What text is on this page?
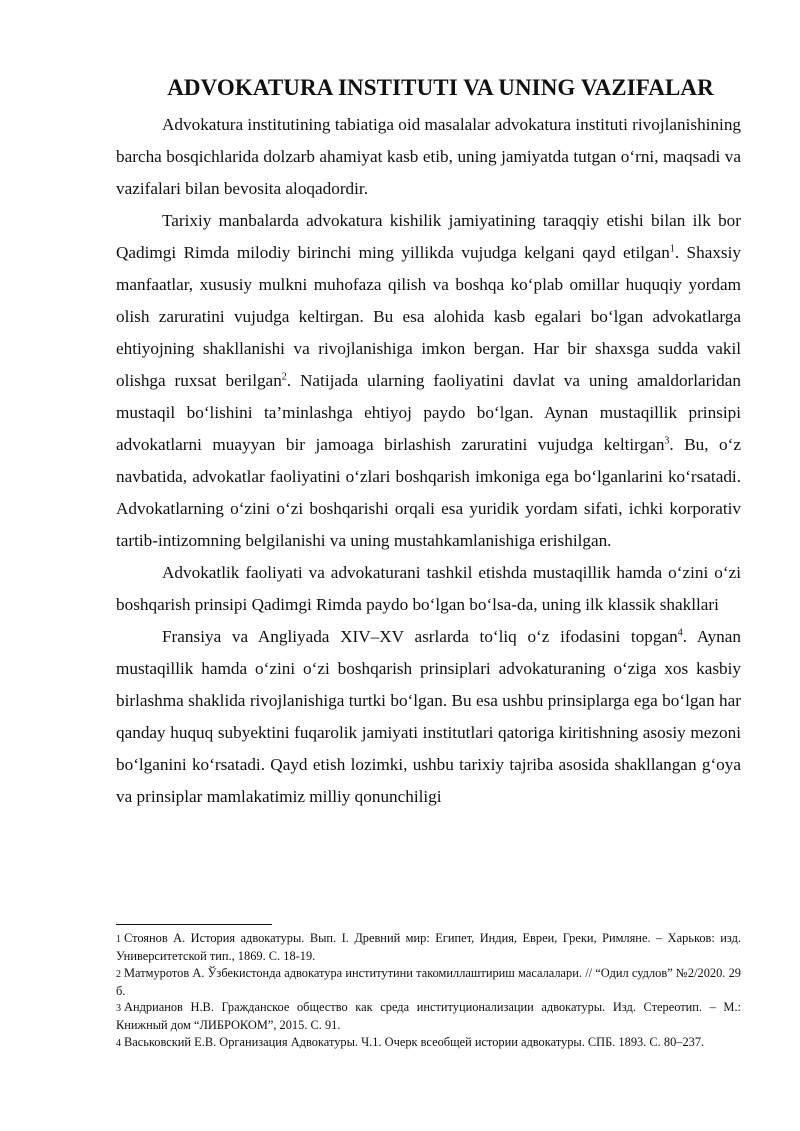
ADVOKATURA INSTITUTI VA UNING VAZIFALAR

Advokatura institutining tabiatiga oid masalalar advokatura instituti rivojlanishining barcha bosqichlarida dolzarb ahamiyat kasb etib, uning jamiyatda tutgan o‘rni, maqsadi va vazifalari bilan bevosita aloqadordir.

Tarixiy manbalarda advokatura kishilik jamiyatining taraqqiy etishi bilan ilk bor Qadimgi Rimda milodiy birinchi ming yillikda vujudga kelgani qayd etilgan$^1$. Shaxsiy manfaatlar, xususiy mulkni muhofaza qilish va boshqa ko‘plab omillar huquqiy yordam olish zaruratini vujudga keltirgan. Bu esa alohida kasb egalari bo‘lgan advokatlarga ehtiyojning shakllanishi va rivojlanishiga imkon bergan. Har bir shaxsga sudda vakil olishga ruxsat berilgan$^2$. Natijada ularning faoliyatini davlat va uning amaldorlaridan mustaqil bo‘lishini ta’minlashga ehtiyoj paydo bo‘lgan. Aynan mustaqillik prinsipi advokatlarni muayyan bir jamoaga birlashish zaruratini vujudga keltirgan$^3$. Bu, o‘z navbatida, advokatlar faoliyatini o‘zlari boshqarish imkoniga ega bo‘lganlarini ko‘rsatadi. Advokatlarning o‘zini o‘zi boshqarishi orqali esa yuridik yordam sifati, ichki korporativ tartib-intizomning belgilanishi va uning mustahkamlanishiga erishilgan.

Advokatlik faoliyati va advokaturani tashkil etishda mustaqillik hamda o‘zini o‘zi boshqarish prinsipi Qadimgi Rimda paydo bo‘lgan bo‘lsa-da, uning ilk klassik shakllari

Fransiya va Angliyada XIV–XV asrlarda to‘liq o‘z ifodasini topgan$^4$. Aynan mustaqillik hamda o‘zini o‘zi boshqarish prinsiplari advokaturaning o‘ziga xos kasbiy birlashma shaklida rivojlanishiga turtki bo‘lgan. Bu esa ushbu prinsiplarga ega bo‘lgan har qanday huquq subyektini fuqarolik jamiyati institutlari qatoriga kiritishning asosiy mezoni bo‘lganini ko‘rsatadi. Qayd etish lozimki, ushbu tarixiy tajriba asosida shakllangan g‘oya va prinsiplar mamlakatimiz milliy qonunchiligi

1 Стоянов А. История адвокатуры. Вып. I. Древний мир: Египет, Индия, Евреи, Греки, Римляне. – Харьков: изд. Университетской тип., 1869. С. 18-19.

2 Матмуротов А. Ўзбекистонда адвокатура институтини такомиллаштириш масалалари. // “Одил судлов” №2/2020. 29 б.

3 Андрианов Н.В. Гражданское общество как среда институционализации адвокатуры. Изд. Стереотип. – М.: Книжный дом “ЛИБРОКОМ”, 2015. С. 91.

4 Васьковский Е.В. Организация Адвокатуры. Ч.1. Очерк всеобщей истории адвокатуры. СПБ. 1893. С. 80–237.
